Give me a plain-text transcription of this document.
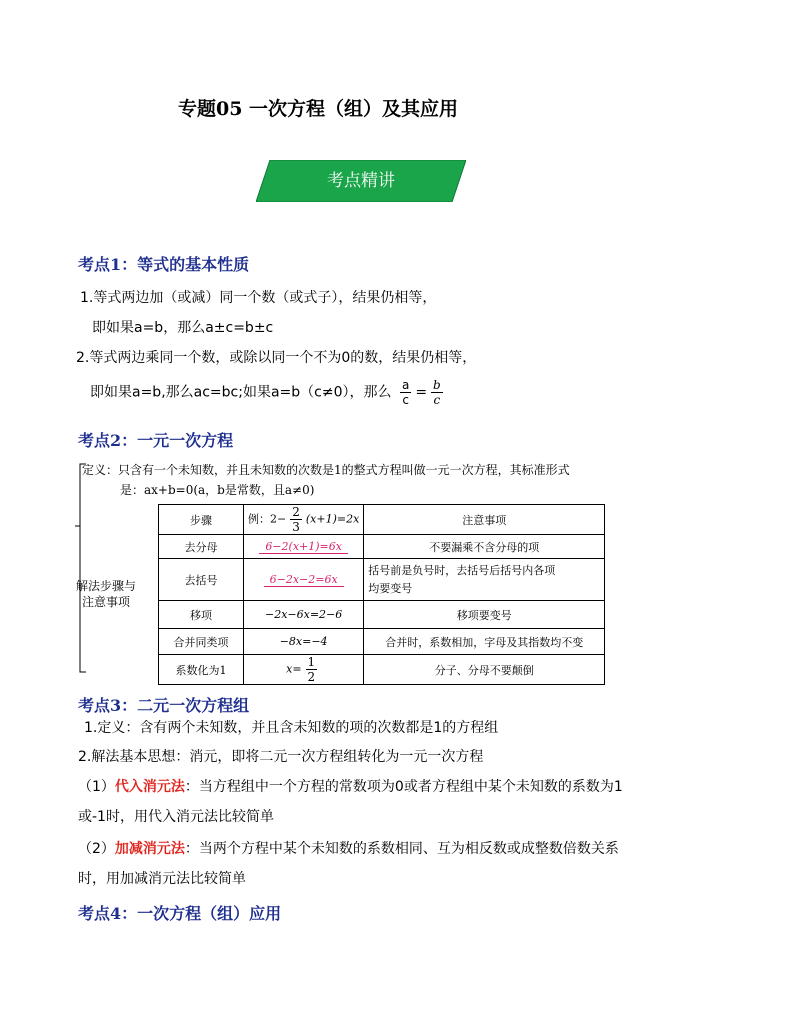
专题05 一次方程（组）及其应用
考点精讲
考点1：等式的基本性质
1.等式两边加（或减）同一个数（或式子），结果仍相等，
即如果a=b，那么a±c=b±c
2.等式两边乘同一个数，或除以同一个不为0的数，结果仍相等，
即如果a=b,那么ac=bc;如果a=b（c≠0），那么 $\frac{a}{c} = \frac{b}{c}$
考点2：一元一次方程
定义：只含有一个未知数，并且未知数的次数是1的整式方程叫做一元一次方程，其标准形式
是：ax+b=0(a，b是常数，且a≠0)
解法步骤与
注意事项
步骤	例：$2- \frac{2}{3} (x+1)=2x$	注意事项
去分母	6−2(x+1)=6x	不要漏乘不含分母的项
去括号	6−2x−2=6x	括号前是负号时，去括号后括号内各项
均要变号

移项	−2x−6x=2−6	移项要变号
合并同类项	−8x=−4	合并时，系数相加，字母及其指数均不变
系数化为1	$x= \frac{1}{2}$	分子、分母不要颠倒
考点3：二元一次方程组
1.定义：含有两个未知数，并且含未知数的项的次数都是1的方程组
2.解法基本思想：消元，即将二元一次方程组转化为一元一次方程
（1）代入消元法：当方程组中一个方程的常数项为0或者方程组中某个未知数的系数为1
或-1时，用代入消元法比较简单
（2）加减消元法：当两个方程中某个未知数的系数相同、互为相反数或成整数倍数关系
时，用加减消元法比较简单
考点4：一次方程（组）应用
